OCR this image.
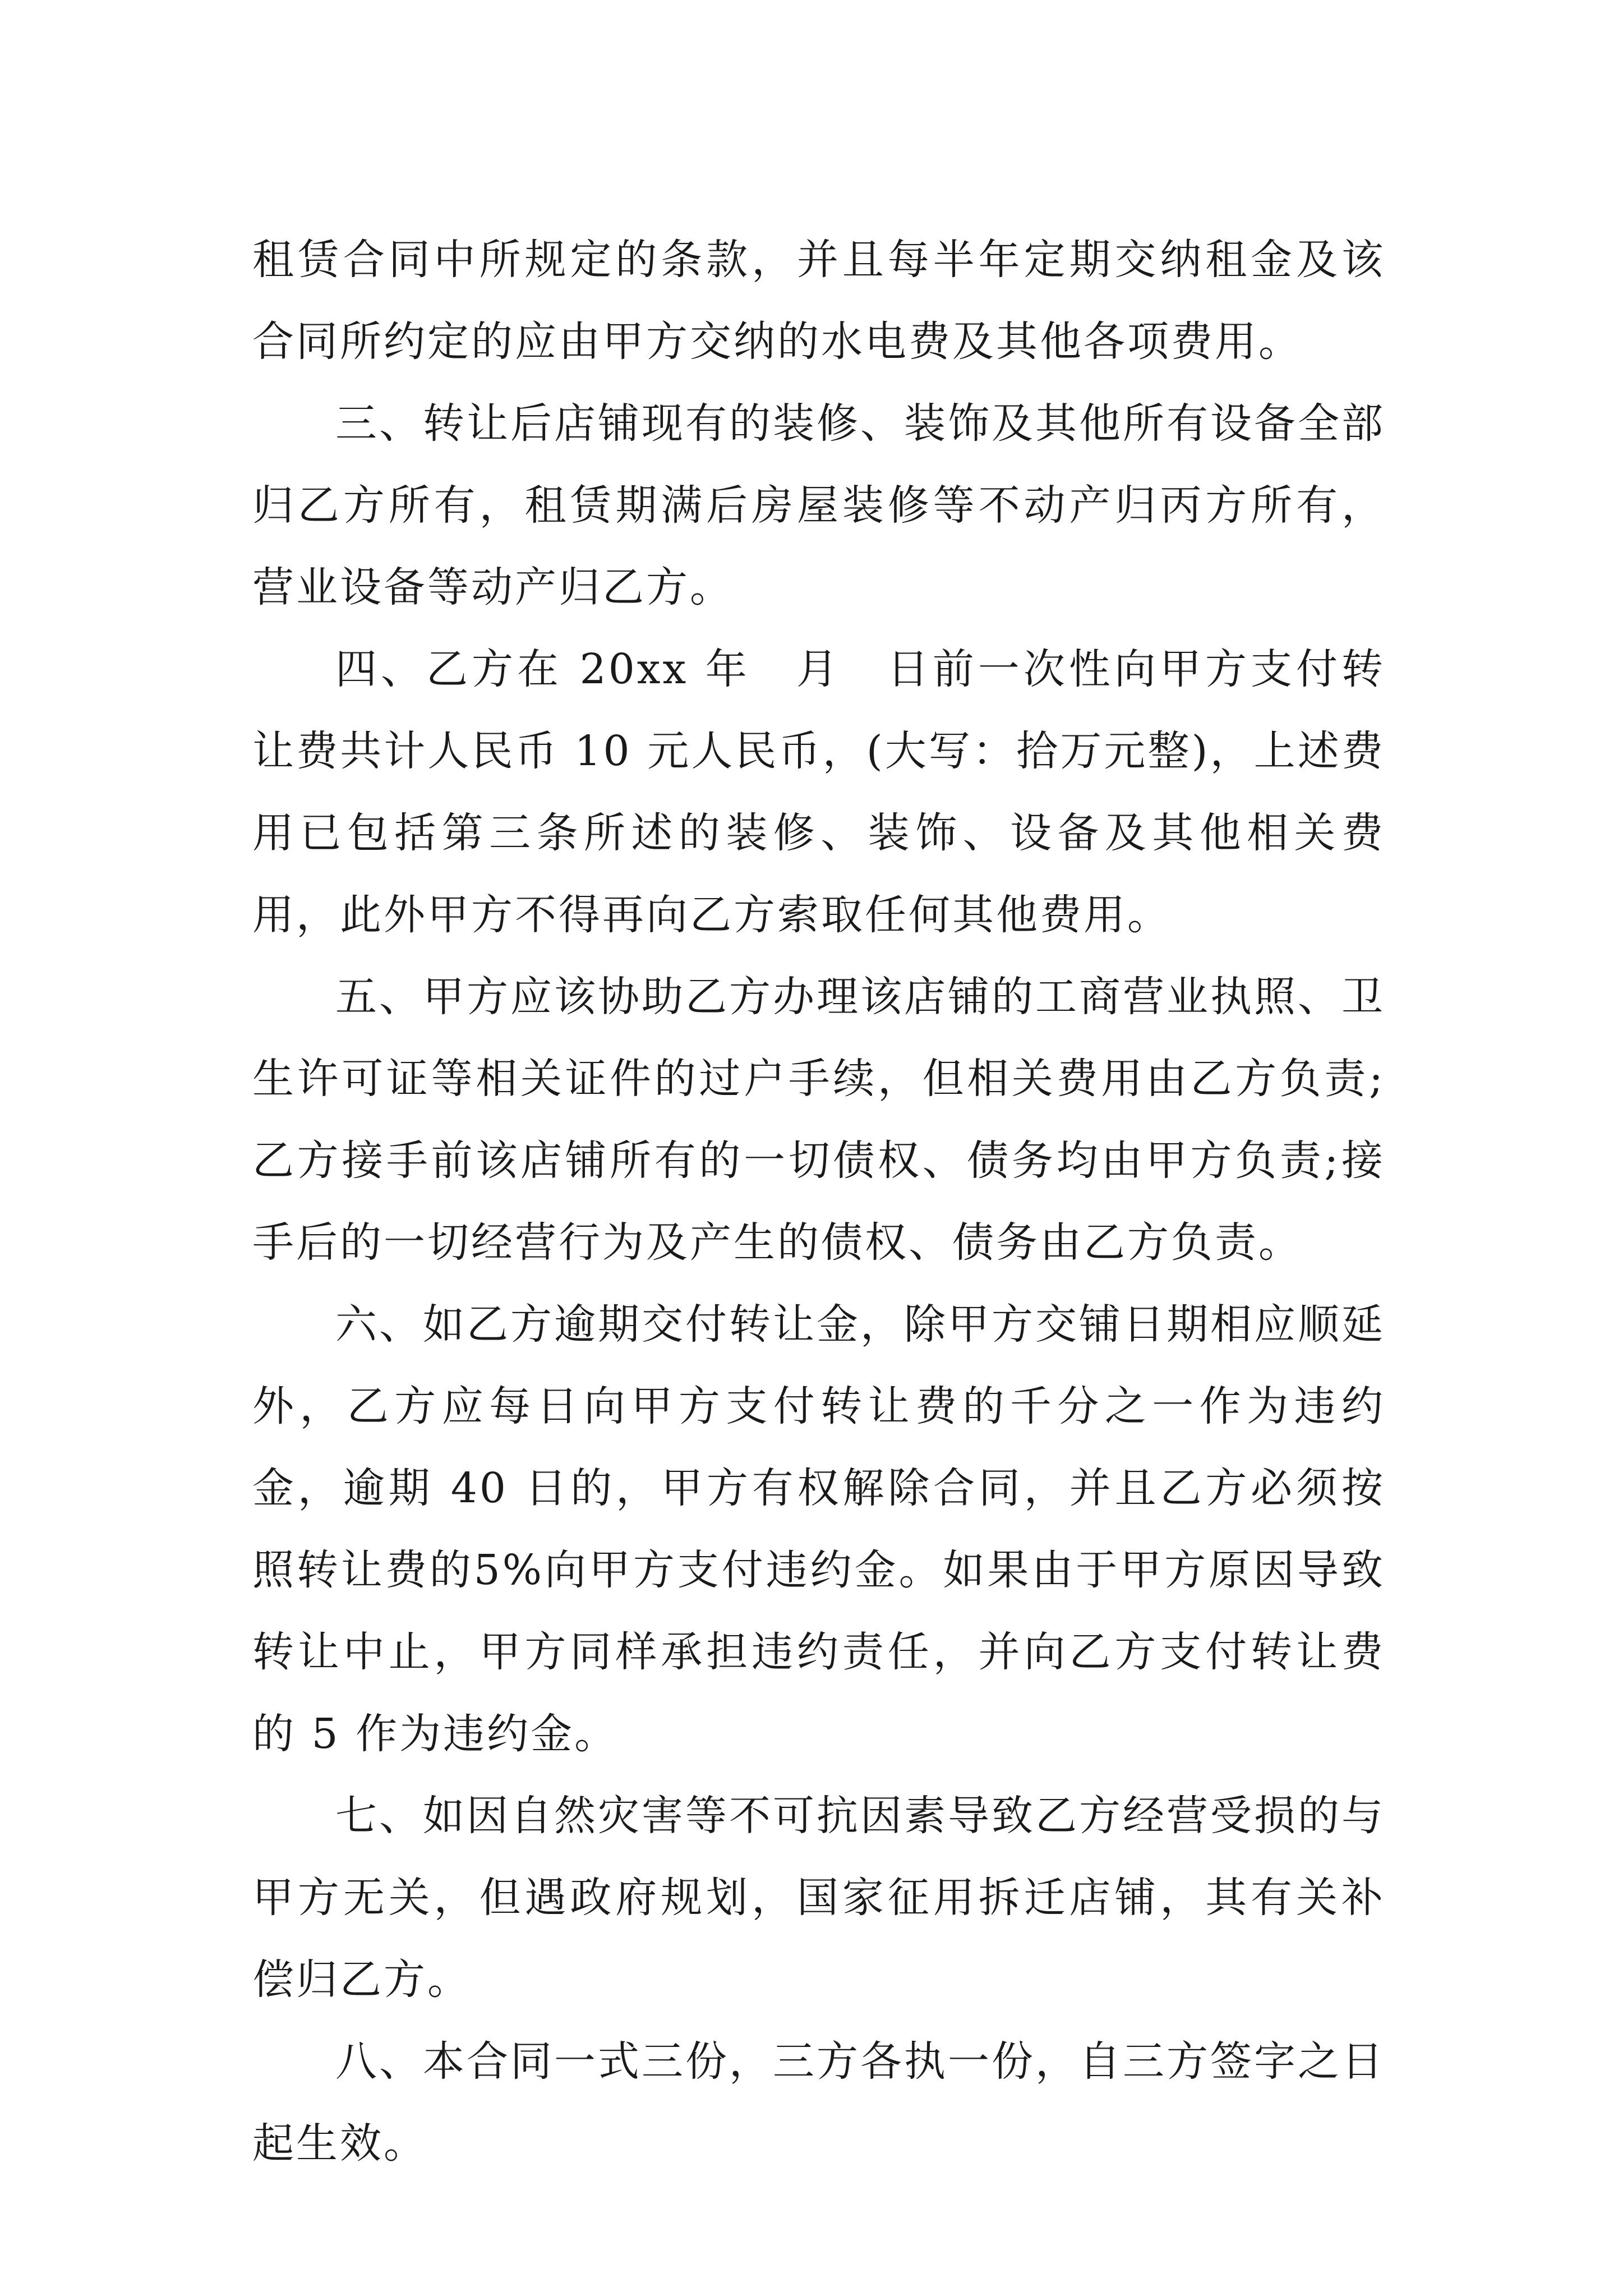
租赁合同中所规定的条款，并且每半年定期交纳租金及该合同所约定的应由甲方交纳的水电费及其他各项费用。

三、转让后店铺现有的装修、装饰及其他所有设备全部归乙方所有，租赁期满后房屋装修等不动产归丙方所有，营业设备等动产归乙方。

四、乙方在 20xx 年　月　日前一次性向甲方支付转让费共计人民币 10 元人民币，(大写：拾万元整)，上述费用已包括第三条所述的装修、装饰、设备及其他相关费用，此外甲方不得再向乙方索取任何其他费用。

五、甲方应该协助乙方办理该店铺的工商营业执照、卫生许可证等相关证件的过户手续，但相关费用由乙方负责;乙方接手前该店铺所有的一切债权、债务均由甲方负责;接手后的一切经营行为及产生的债权、债务由乙方负责。

六、如乙方逾期交付转让金，除甲方交铺日期相应顺延外，乙方应每日向甲方支付转让费的千分之一作为违约金，逾期 40 日的，甲方有权解除合同，并且乙方必须按照转让费的5%向甲方支付违约金。如果由于甲方原因导致转让中止，甲方同样承担违约责任，并向乙方支付转让费的 5 作为违约金。

七、如因自然灾害等不可抗因素导致乙方经营受损的与甲方无关，但遇政府规划，国家征用拆迁店铺，其有关补偿归乙方。

八、本合同一式三份，三方各执一份，自三方签字之日起生效。
